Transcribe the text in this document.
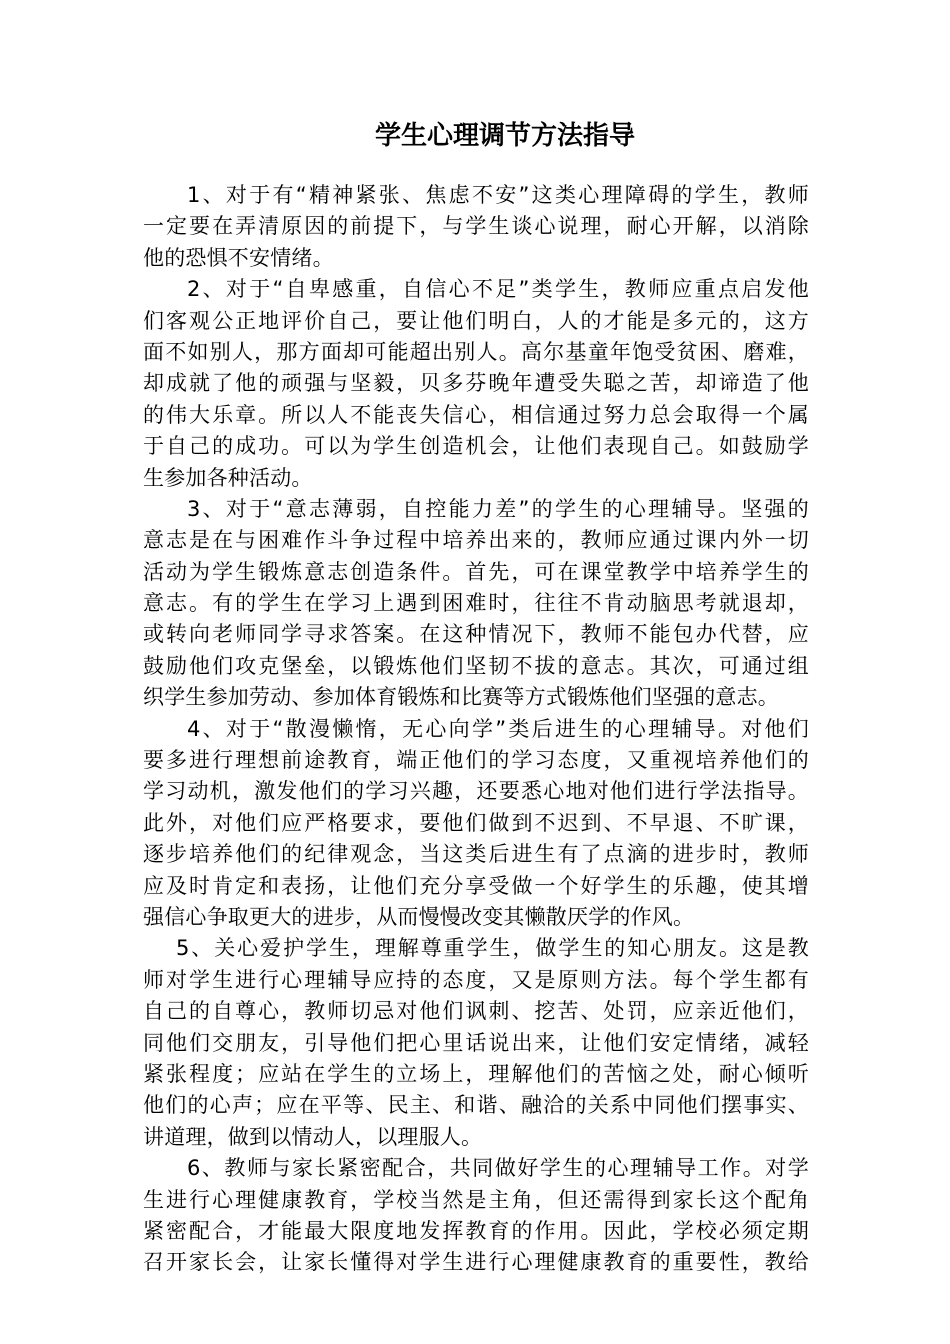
学生心理调节方法指导
1、对于有“精神紧张、焦虑不安”这类心理障碍的学生，教师
一定要在弄清原因的前提下，与学生谈心说理，耐心开解，以消除
他的恐惧不安情绪。
2、对于“自卑感重，自信心不足”类学生，教师应重点启发他
们客观公正地评价自己，要让他们明白，人的才能是多元的，这方
面不如别人，那方面却可能超出别人。高尔基童年饱受贫困、磨难，
却成就了他的顽强与坚毅，贝多芬晚年遭受失聪之苦，却谛造了他
的伟大乐章。所以人不能丧失信心，相信通过努力总会取得一个属
于自己的成功。可以为学生创造机会，让他们表现自己。如鼓励学
生参加各种活动。
3、对于“意志薄弱，自控能力差”的学生的心理辅导。坚强的
意志是在与困难作斗争过程中培养出来的，教师应通过课内外一切
活动为学生锻炼意志创造条件。首先，可在课堂教学中培养学生的
意志。有的学生在学习上遇到困难时，往往不肯动脑思考就退却，
或转向老师同学寻求答案。在这种情况下，教师不能包办代替，应
鼓励他们攻克堡垒，以锻炼他们坚韧不拔的意志。其次，可通过组
织学生参加劳动、参加体育锻炼和比赛等方式锻炼他们坚强的意志。
4、对于“散漫懒惰，无心向学”类后进生的心理辅导。对他们
要多进行理想前途教育，端正他们的学习态度，又重视培养他们的
学习动机，激发他们的学习兴趣，还要悉心地对他们进行学法指导。
此外，对他们应严格要求，要他们做到不迟到、不早退、不旷课，
逐步培养他们的纪律观念，当这类后进生有了点滴的进步时，教师
应及时肯定和表扬，让他们充分享受做一个好学生的乐趣，使其增
强信心争取更大的进步，从而慢慢改变其懒散厌学的作风。
5、关心爱护学生，理解尊重学生，做学生的知心朋友。这是教
师对学生进行心理辅导应持的态度，又是原则方法。每个学生都有
自己的自尊心，教师切忌对他们讽刺、挖苦、处罚，应亲近他们，
同他们交朋友，引导他们把心里话说出来，让他们安定情绪，减轻
紧张程度；应站在学生的立场上，理解他们的苦恼之处，耐心倾听
他们的心声；应在平等、民主、和谐、融洽的关系中同他们摆事实、
讲道理，做到以情动人，以理服人。
6、教师与家长紧密配合，共同做好学生的心理辅导工作。对学
生进行心理健康教育，学校当然是主角，但还需得到家长这个配角
紧密配合，才能最大限度地发挥教育的作用。因此，学校必须定期
召开家长会，让家长懂得对学生进行心理健康教育的重要性，教给
